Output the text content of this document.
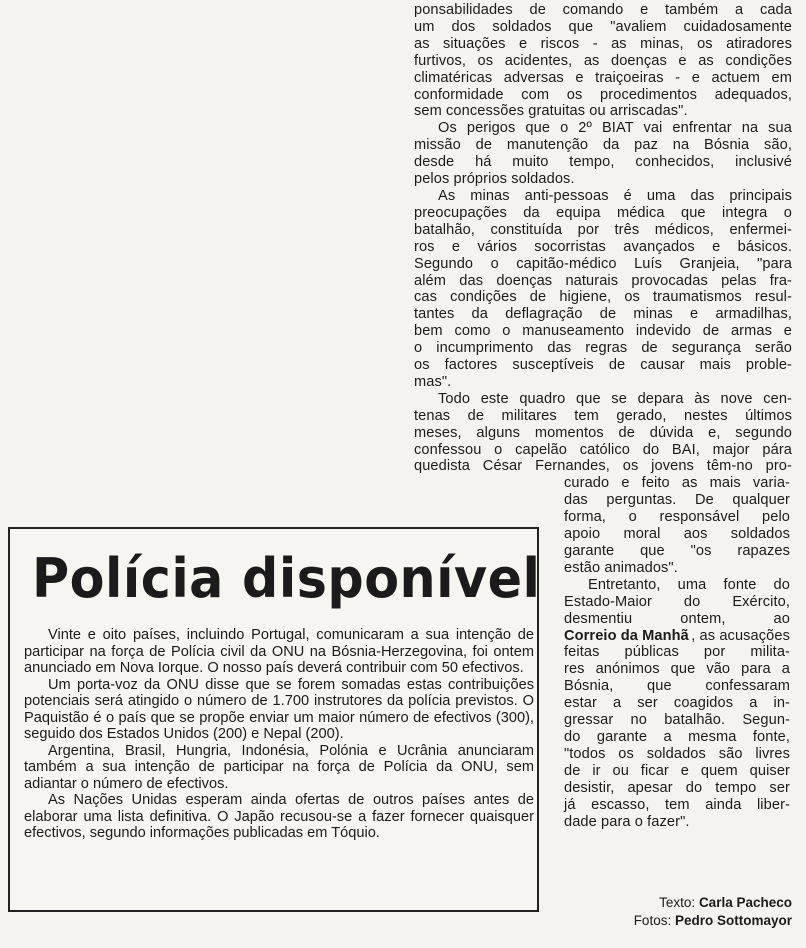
ponsabilidades de comando e também a cada
um dos soldados que "avaliem cuidadosamente
as situações e riscos - as minas, os atiradores
furtivos, os acidentes, as doenças e as condições
climatéricas adversas e traiçoeiras - e actuem em
conformidade com os procedimentos adequados,
sem concessões gratuitas ou arriscadas".

Os perigos que o 2º BIAT vai enfrentar na sua
missão de manutenção da paz na Bósnia são,
desde há muito tempo, conhecidos, inclusivé
pelos próprios soldados.

As minas anti-pessoas é uma das principais
preocupações da equipa médica que integra o
batalhão, constituída por três médicos, enfermei-
ros e vários socorristas avançados e básicos.
Segundo o capitão-médico Luís Granjeia, "para
além das doenças naturais provocadas pelas fra-
cas condições de higiene, os traumatismos resul-
tantes da deflagração de minas e armadilhas,
bem como o manuseamento indevido de armas e
o incumprimento das regras de segurança serão
os factores susceptíveis de causar mais proble-
mas".

Todo este quadro que se depara às nove cen-
tenas de militares tem gerado, nestes últimos
meses, alguns momentos de dúvida e, segundo
confessou o capelão católico do BAI, major pára
quedista César Fernandes, os jovens têm-no pro-

curado e feito as mais varia-
das perguntas. De qualquer
forma, o responsável pelo
apoio moral aos soldados
garante que "os rapazes
estão animados".
Entretanto, uma fonte do
Estado-Maior do Exército,
desmentiu ontem, ao
Correio da Manhã , as acusações
feitas públicas por milita-
res anónimos que vão para a
Bósnia, que confessaram
estar a ser coagidos a in-
gressar no batalhão. Segun-
do garante a mesma fonte,
"todos os soldados são livres
de ir ou ficar e quem quiser
desistir, apesar do tempo ser
já escasso, tem ainda liber-
dade para o fazer".
Polícia disponível

Vinte e oito países, incluindo Portugal, comunicaram a sua intenção de participar na força de Polícia civil da ONU na Bósnia-Herzegovina, foi ontem anunciado em Nova Iorque. O nosso país deverá contribuir com 50 efectivos.

Um porta-voz da ONU disse que se forem somadas estas contribuições potenciais será atingido o número de 1.700 instrutores da polícia previstos. O Paquistão é o país que se propõe enviar um maior número de efectivos (300), seguido dos Estados Unidos (200) e Nepal (200).

Argentina, Brasil, Hungria, Indonésia, Polónia e Ucrânia anunciaram também a sua intenção de participar na força de Polícia da ONU, sem adiantar o número de efectivos.

As Nações Unidas esperam ainda ofertas de outros países antes de elaborar uma lista definitiva. O Japão recusou-se a fazer fornecer quaisquer efectivos, segundo informações publicadas em Tóquio.

Texto: Carla Pacheco
Fotos: Pedro Sottomayor
